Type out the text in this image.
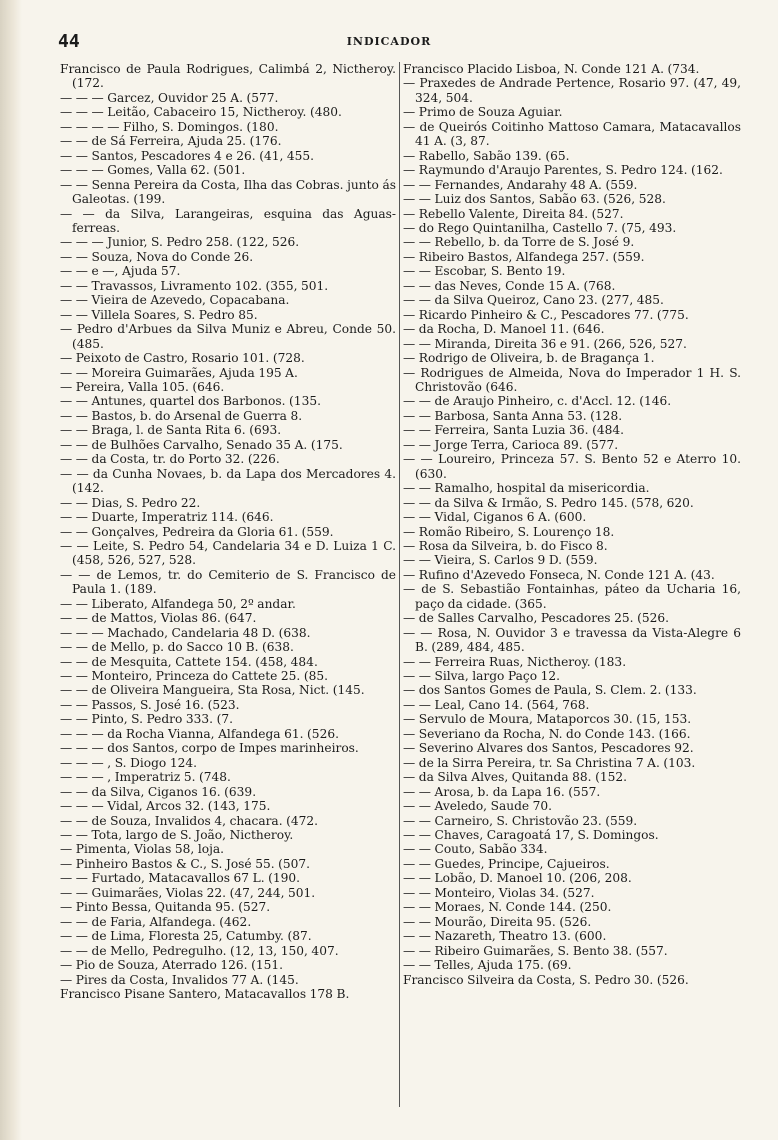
44	INDICADOR
Francisco de Paula Rodrigues, Calimbá 2, Nictheroy. (172.
— — — Garcez, Ouvidor 25 A. (577.
— — — Leitão, Cabaceiro 15, Nictheroy. (480.
— — — — Filho, S. Domingos. (180.
— — de Sá Ferreira, Ajuda 25. (176.
— — Santos, Pescadores 4 e 26. (41, 455.
— — — Gomes, Valla 62. (501.
— — Senna Pereira da Costa, Ilha das Cobras. junto ás Galeotas. (199.
— — da Silva, Larangeiras, esquina das Aguas-ferreas.
— — — Junior, S. Pedro 258. (122, 526.
— — Souza, Nova do Conde 26.
— — e —, Ajuda 57.
— — Travassos, Livramento 102. (355, 501.
— — Vieira de Azevedo, Copacabana.
— — Villela Soares, S. Pedro 85.
— Pedro d'Arbues da Silva Muniz e Abreu, Conde 50. (485.
— Peixoto de Castro, Rosario 101. (728.
— — Moreira Guimarães, Ajuda 195 A.
— Pereira, Valla 105. (646.
— — Antunes, quartel dos Barbonos. (135.
— — Bastos, b. do Arsenal de Guerra 8.
— — Braga, l. de Santa Rita 6. (693.
— — de Bulhões Carvalho, Senado 35 A. (175.
— — da Costa, tr. do Porto 32. (226.
— — da Cunha Novaes, b. da Lapa dos Mercadores 4. (142.
— — Dias, S. Pedro 22.
— — Duarte, Imperatriz 114. (646.
— — Gonçalves, Pedreira da Gloria 61. (559.
— — Leite, S. Pedro 54, Candelaria 34 e D. Luiza 1 C. (458, 526, 527, 528.
— — de Lemos, tr. do Cemiterio de S. Francisco de Paula 1. (189.
— — Liberato, Alfandega 50, 2º andar.
— — de Mattos, Violas 86. (647.
— — — Machado, Candelaria 48 D. (638.
— — de Mello, p. do Sacco 10 B. (638.
— — de Mesquita, Cattete 154. (458, 484.
— — Monteiro, Princeza do Cattete 25. (85.
— — de Oliveira Mangueira, Sta Rosa, Nict. (145.
— — Passos, S. José 16. (523.
— — Pinto, S. Pedro 333. (7.
— — — da Rocha Vianna, Alfandega 61. (526.
— — — dos Santos, corpo de Impes marinheiros.
— — — , S. Diogo 124.
— — — , Imperatriz 5. (748.
— — da Silva, Ciganos 16. (639.
— — — Vidal, Arcos 32. (143, 175.
— — de Souza, Invalidos 4, chacara. (472.
— — Tota, largo de S. João, Nictheroy.
— Pimenta, Violas 58, loja.
— Pinheiro Bastos & C., S. José 55. (507.
— — Furtado, Matacavallos 67 L. (190.
— — Guimarães, Violas 22. (47, 244, 501.
— Pinto Bessa, Quitanda 95. (527.
— — de Faria, Alfandega. (462.
— — de Lima, Floresta 25, Catumby. (87.
— — de Mello, Pedregulho. (12, 13, 150, 407.
— Pio de Souza, Aterrado 126. (151.
— Pires da Costa, Invalidos 77 A. (145.
Francisco Pisane Santero, Matacavallos 178 B.
Francisco Placido Lisboa, N. Conde 121 A. (734.
— Praxedes de Andrade Pertence, Rosario 97. (47, 49, 324, 504.
— Primo de Souza Aguiar.
— de Queirós Coitinho Mattoso Camara, Matacavallos 41 A. (3, 87.
— Rabello, Sabão 139. (65.
— Raymundo d'Araujo Parentes, S. Pedro 124. (162.
— — Fernandes, Andarahy 48 A. (559.
— — Luiz dos Santos, Sabão 63. (526, 528.
— Rebello Valente, Direita 84. (527.
— do Rego Quintanilha, Castello 7. (75, 493.
— — Rebello, b. da Torre de S. José 9.
— Ribeiro Bastos, Alfandega 257. (559.
— — Escobar, S. Bento 19.
— — das Neves, Conde 15 A. (768.
— — da Silva Queiroz, Cano 23. (277, 485.
— Ricardo Pinheiro & C., Pescadores 77. (775.
— da Rocha, D. Manoel 11. (646.
— — Miranda, Direita 36 e 91. (266, 526, 527.
— Rodrigo de Oliveira, b. de Bragança 1.
— Rodrigues de Almeida, Nova do Imperador 1 H. S. Christovão (646.
— — de Araujo Pinheiro, c. d'Accl. 12. (146.
— — Barbosa, Santa Anna 53. (128.
— — Ferreira, Santa Luzia 36. (484.
— — Jorge Terra, Carioca 89. (577.
— — Loureiro, Princeza 57. S. Bento 52 e Aterro 10. (630.
— — Ramalho, hospital da misericordia.
— — da Silva & Irmão, S. Pedro 145. (578, 620.
— — Vidal, Ciganos 6 A. (600.
— Romão Ribeiro, S. Lourenço 18.
— Rosa da Silveira, b. do Fisco 8.
— — Vieira, S. Carlos 9 D. (559.
— Rufino d'Azevedo Fonseca, N. Conde 121 A. (43.
— de S. Sebastião Fontainhas, páteo da Ucharia 16, paço da cidade. (365.
— de Salles Carvalho, Pescadores 25. (526.
— — Rosa, N. Ouvidor 3 e travessa da Vista-Alegre 6 B. (289, 484, 485.
— — Ferreira Ruas, Nictheroy. (183.
— — Silva, largo Paço 12.
— dos Santos Gomes de Paula, S. Clem. 2. (133.
— — Leal, Cano 14. (564, 768.
— Servulo de Moura, Mataporcos 30. (15, 153.
— Severiano da Rocha, N. do Conde 143. (166.
— Severino Alvares dos Santos, Pescadores 92.
— de la Sirra Pereira, tr. Sa Christina 7 A. (103.
— da Silva Alves, Quitanda 88. (152.
— — Arosa, b. da Lapa 16. (557.
— — Aveledo, Saude 70.
— — Carneiro, S. Christovão 23. (559.
— — Chaves, Caragoatá 17, S. Domingos.
— — Couto, Sabão 334.
— — Guedes, Principe, Cajueiros.
— — Lobão, D. Manoel 10. (206, 208.
— — Monteiro, Violas 34. (527.
— — Moraes, N. Conde 144. (250.
— — Mourão, Direita 95. (526.
— — Nazareth, Theatro 13. (600.
— — Ribeiro Guimarães, S. Bento 38. (557.
— — Telles, Ajuda 175. (69.
Francisco Silveira da Costa, S. Pedro 30. (526.
